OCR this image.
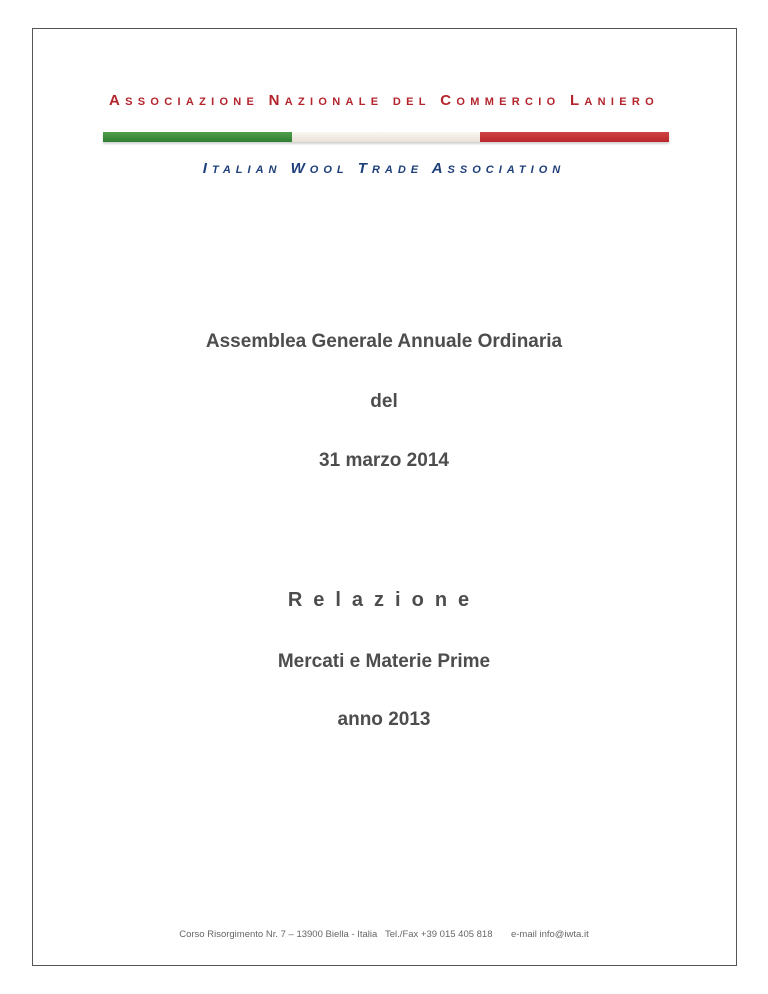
Associazione Nazionale del Commercio Laniero
Italian Wool Trade Association
Assemblea Generale Annuale Ordinaria
del
31 marzo 2014
Relazione
Mercati e Materie Prime
anno 2013
Corso Risorgimento Nr. 7 – 13900 Biella - Italia Tel./Fax +39 015 405 818 e-mail info@iwta.it
